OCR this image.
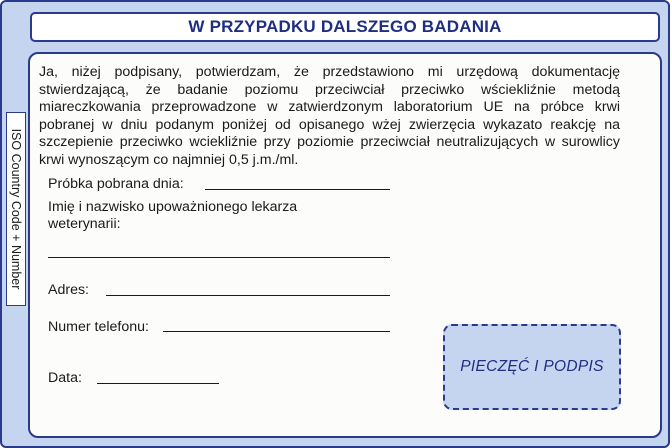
W PRZYPADKU DALSZEGO BADANIA
ISO Country Code + Number

Ja, niżej podpisany, potwierdzam, że przedstawiono mi urzędową dokumentację stwierdzającą, że badanie poziomu przeciwciał przeciwko wściekliźnie metodą miareczkowania przeprowadzone w zatwierdzonym laboratorium UE na próbce krwi pobranej w dniu podanym poniżej od opisanego wżej zwierzęcia wykazato reakcję na szczepienie przeciwko wciekliźnie przy poziomie przeciwciał neutralizujących w surowlicy krwi wynoszącym co najmniej 0,5 j.m./ml.

Próbka pobrana dnia:

Imię i nazwisko upoważnionego lekarza

weterynarii:

Adres:

Numer telefonu:

Data:

PIECZĘĆ I PODPIS
